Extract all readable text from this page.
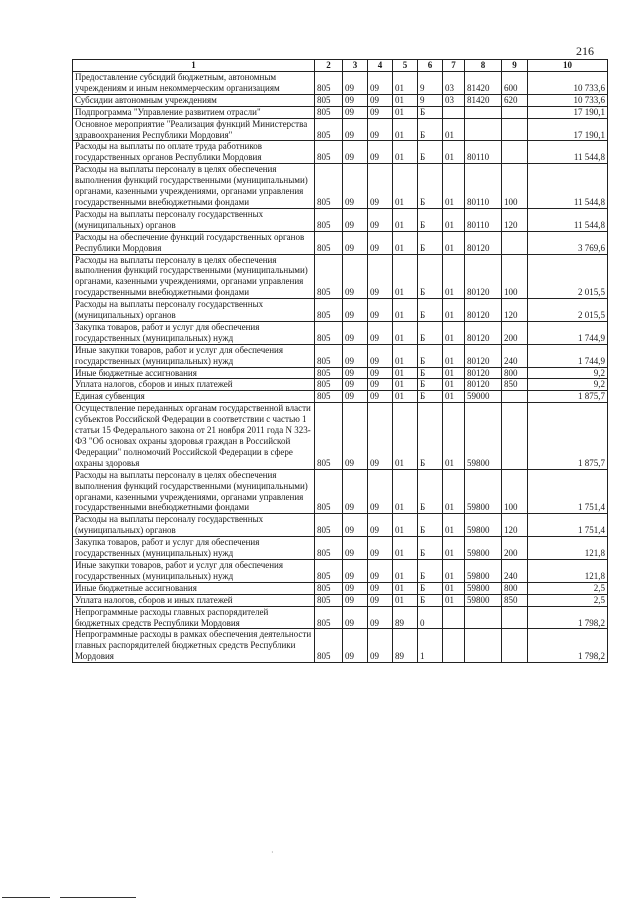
216
1	2	3	4	5	6	7	8	9	10
Предоставление субсидий бюджетным, автономным учреждениям и иным некоммерческим организациям	805	09	09	01	9	03	81420	600	10 733,6
Субсидии автономным учреждениям	805	09	09	01	9	03	81420	620	10 733,6
Подпрограмма "Управление развитием отрасли"	805	09	09	01	Б				17 190,1
Основное мероприятие "Реализация функций Министерства здравоохранения Республики Мордовия"	805	09	09	01	Б	01			17 190,1
Расходы на выплаты по оплате труда работников государственных органов Республики Мордовия	805	09	09	01	Б	01	80110		11 544,8
Расходы на выплаты персоналу в целях обеспечения выполнения функций государственными (муниципальными) органами, казенными учреждениями, органами управления государственными внебюджетными фондами	805	09	09	01	Б	01	80110	100	11 544,8
Расходы на выплаты персоналу государственных (муниципальных) органов	805	09	09	01	Б	01	80110	120	11 544,8
Расходы на обеспечение функций государственных органов Республики Мордовия	805	09	09	01	Б	01	80120		3 769,6
Расходы на выплаты персоналу в целях обеспечения выполнения функций государственными (муниципальными) органами, казенными учреждениями, органами управления государственными внебюджетными фондами	805	09	09	01	Б	01	80120	100	2 015,5
Расходы на выплаты персоналу государственных (муниципальных) органов	805	09	09	01	Б	01	80120	120	2 015,5
Закупка товаров, работ и услуг для обеспечения государственных (муниципальных) нужд	805	09	09	01	Б	01	80120	200	1 744,9
Иные закупки товаров, работ и услуг для обеспечения государственных (муниципальных) нужд	805	09	09	01	Б	01	80120	240	1 744,9
Иные бюджетные ассигнования	805	09	09	01	Б	01	80120	800	9,2
Уплата налогов, сборов и иных платежей	805	09	09	01	Б	01	80120	850	9,2
Единая субвенция	805	09	09	01	Б	01	59000		1 875,7
Осуществление переданных органам государственной власти субъектов Российской Федерации в соответствии с частью 1 статьи 15 Федерального закона от 21 ноября 2011 года N 323-ФЗ "Об основах охраны здоровья граждан в Российской Федерации" полномочий Российской Федерации в сфере охраны здоровья	805	09	09	01	Б	01	59800		1 875,7
Расходы на выплаты персоналу в целях обеспечения выполнения функций государственными (муниципальными) органами, казенными учреждениями, органами управления государственными внебюджетными фондами	805	09	09	01	Б	01	59800	100	1 751,4
Расходы на выплаты персоналу государственных (муниципальных) органов	805	09	09	01	Б	01	59800	120	1 751,4
Закупка товаров, работ и услуг для обеспечения государственных (муниципальных) нужд	805	09	09	01	Б	01	59800	200	121,8
Иные закупки товаров, работ и услуг для обеспечения государственных (муниципальных) нужд	805	09	09	01	Б	01	59800	240	121,8
Иные бюджетные ассигнования	805	09	09	01	Б	01	59800	800	2,5
Уплата налогов, сборов и иных платежей	805	09	09	01	Б	01	59800	850	2,5
Непрограммные расходы главных распорядителей бюджетных средств Республики Мордовия	805	09	09	89	0				1 798,2
Непрограммные расходы в рамках обеспечения деятельности главных распорядителей бюджетных средств Республики Мордовия	805	09	09	89	1				1 798,2
·
